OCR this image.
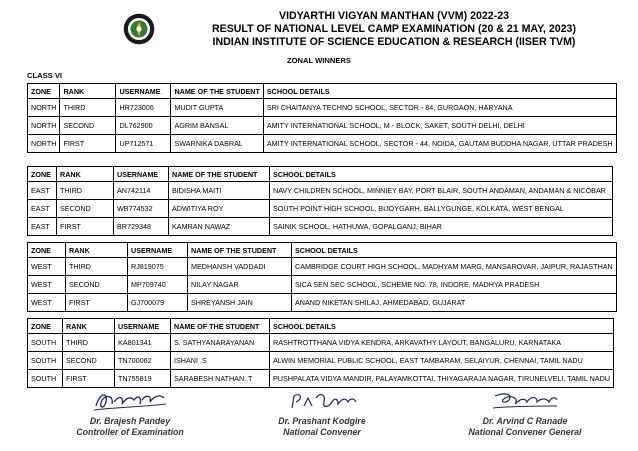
VIDYARTHI VIGYAN MANTHAN (VVM) 2022-23
RESULT OF NATIONAL LEVEL CAMP EXAMINATION (20 & 21 MAY, 2023)
INDIAN INSTITUTE OF SCIENCE EDUCATION & RESEARCH (IISER TVM)
ZONAL WINNERS
CLASS VI
ZONE	RANK	USERNAME	NAME OF THE STUDENT	SCHOOL DETAILS
NORTH	THIRD	HR723006	MUDIT GUPTA	SRI CHAITANYA TECHNO SCHOOL, SECTOR - 84, GURGAON, HARYANA
NORTH	SECOND	DL762900	AGRIM BANSAL	AMITY INTERNATIONAL SCHOOL, M - BLOCK, SAKET, SOUTH DELHI, DELHI
NORTH	FIRST	UP712571	SWARNIKA DABRAL	AMITY INTERNATIONAL SCHOOL, SECTOR - 44, NOIDA, GAUTAM BUDDHA NAGAR, UTTAR PRADESH
ZONE	RANK	USERNAME	NAME OF THE STUDENT	SCHOOL DETAILS
EAST	THIRD	AN742114	BIDISHA MAITI	NAVY CHILDREN SCHOOL, MINNIEY BAY, PORT BLAIR, SOUTH ANDAMAN, ANDAMAN & NICOBAR
EAST	SECOND	WB774532	ADWITIYA ROY	SOUTH POINT HIGH SCHOOL, BIJOYGARH, BALLYGUNGE, KOLKATA, WEST BENGAL
EAST	FIRST	BR729348	KAMRAN NAWAZ	SAINIK SCHOOL, HATHUWA, GOPALGANJ, BIHAR
ZONE	RANK	USERNAME	NAME OF THE STUDENT	SCHOOL DETAILS
WEST	THIRD	RJ819075	MEDHANSH VADDADI	CAMBRIDGE COURT HIGH SCHOOL, MADHYAM MARG, MANSAROVAR, JAIPUR, RAJASTHAN
WEST	SECOND	MP709740	NILAY NAGAR	SICA SEN SEC SCHOOL, SCHEME NO. 78, INDORE, MADHYA PRADESH
WEST	FIRST	GJ700079	SHREYANSH JAIN	ANAND NIKETAN SHILAJ, AHMEDABAD, GUJARAT
ZONE	RANK	USERNAME	NAME OF THE STUDENT	SCHOOL DETAILS
SOUTH	THIRD	KA801341	S. SATHYANARAYANAN	RASHTROTTHANA VIDYA KENDRA, ARKAVATHY LAYOUT, BANGALURU, KARNATAKA
SOUTH	SECOND	TN700062	ISHANI .S	ALWIN MEMORIAL PUBLIC SCHOOL, EAST TAMBARAM, SELAIYUR, CHENNAI, TAMIL NADU
SOUTH	FIRST	TN755819	SARABESH NATHAN. T	PUSHPALATA VIDYA MANDIR, PALAYAMKOTTAI, THIYAGARAJA NAGAR, TIRUNELVELI, TAMIL NADU
Dr. Brajesh Pandey
Controller of Examination
Dr. Prashant Kodgire
National Convener
Dr. Arvind C Ranade
National Convener General
